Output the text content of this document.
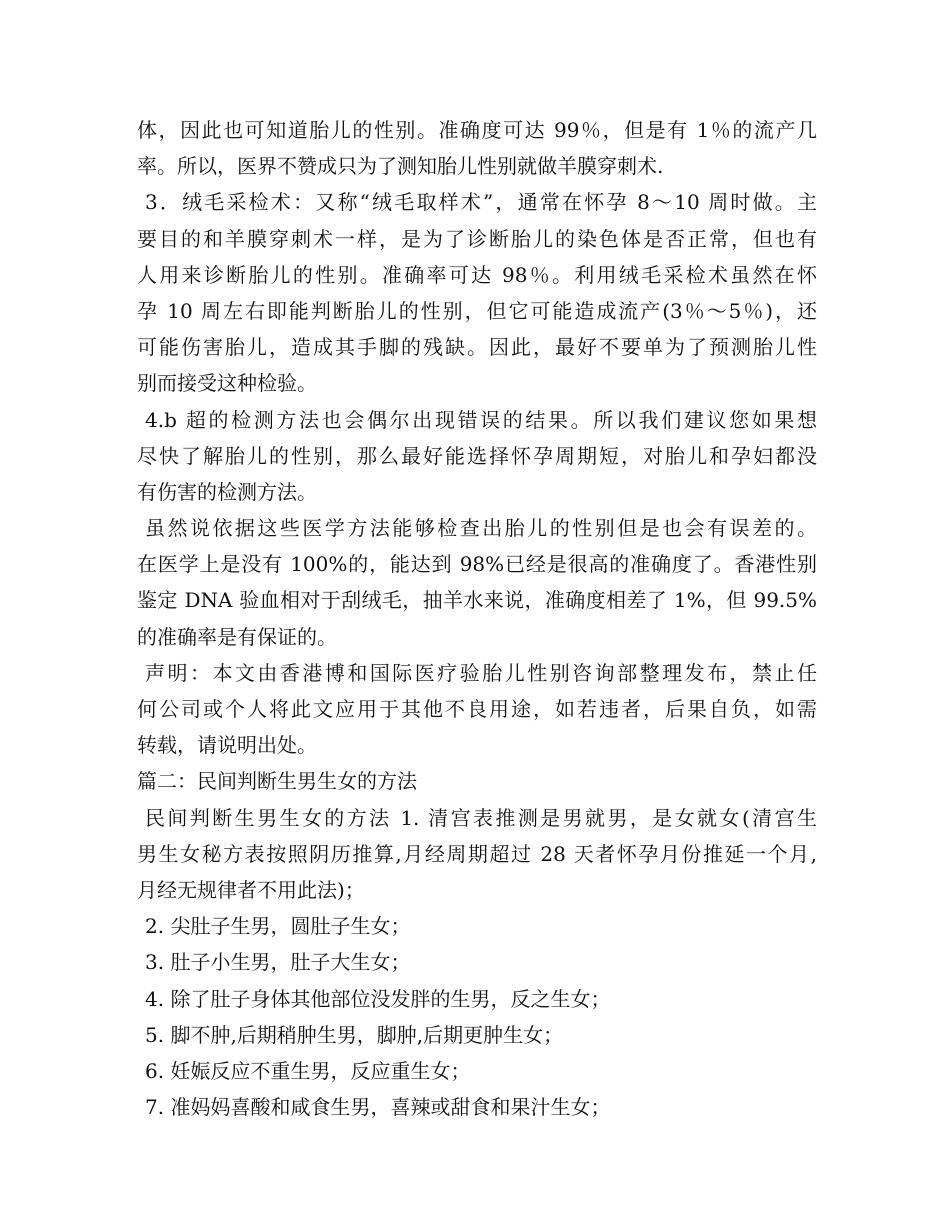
体，因此也可知道胎儿的性别。准确度可达 99％，但是有 1％的流产几
率。所以，医界不赞成只为了测知胎儿性别就做羊膜穿刺术.
3．绒毛采检术：又称“绒毛取样术”，通常在怀孕 8～10 周时做。主
要目的和羊膜穿刺术一样，是为了诊断胎儿的染色体是否正常，但也有
人用来诊断胎儿的性别。准确率可达 98％。利用绒毛采检术虽然在怀
孕 10 周左右即能判断胎儿的性别，但它可能造成流产(3％～5％)，还
可能伤害胎儿，造成其手脚的残缺。因此，最好不要单为了预测胎儿性
别而接受这种检验。
4.b 超的检测方法也会偶尔出现错误的结果。所以我们建议您如果想
尽快了解胎儿的性别，那么最好能选择怀孕周期短，对胎儿和孕妇都没
有伤害的检测方法。
虽然说依据这些医学方法能够检查出胎儿的性别但是也会有误差的。
在医学上是没有 100%的，能达到 98%已经是很高的准确度了。香港性别
鉴定 DNA 验血相对于刮绒毛，抽羊水来说，准确度相差了 1%，但 99.5%
的准确率是有保证的。
声明：本文由香港博和国际医疗验胎儿性别咨询部整理发布，禁止任
何公司或个人将此文应用于其他不良用途，如若违者，后果自负，如需
转载，请说明出处。
篇二：民间判断生男生女的方法
民间判断生男生女的方法 1. 清宫表推测是男就男，是女就女(清宫生
男生女秘方表按照阴历推算,月经周期超过 28 天者怀孕月份推延一个月,
月经无规律者不用此法)；
2. 尖肚子生男，圆肚子生女；
3. 肚子小生男，肚子大生女；
4. 除了肚子身体其他部位没发胖的生男，反之生女；
5. 脚不肿,后期稍肿生男，脚肿,后期更肿生女；
6. 妊娠反应不重生男，反应重生女；
7. 准妈妈喜酸和咸食生男，喜辣或甜食和果汁生女；
